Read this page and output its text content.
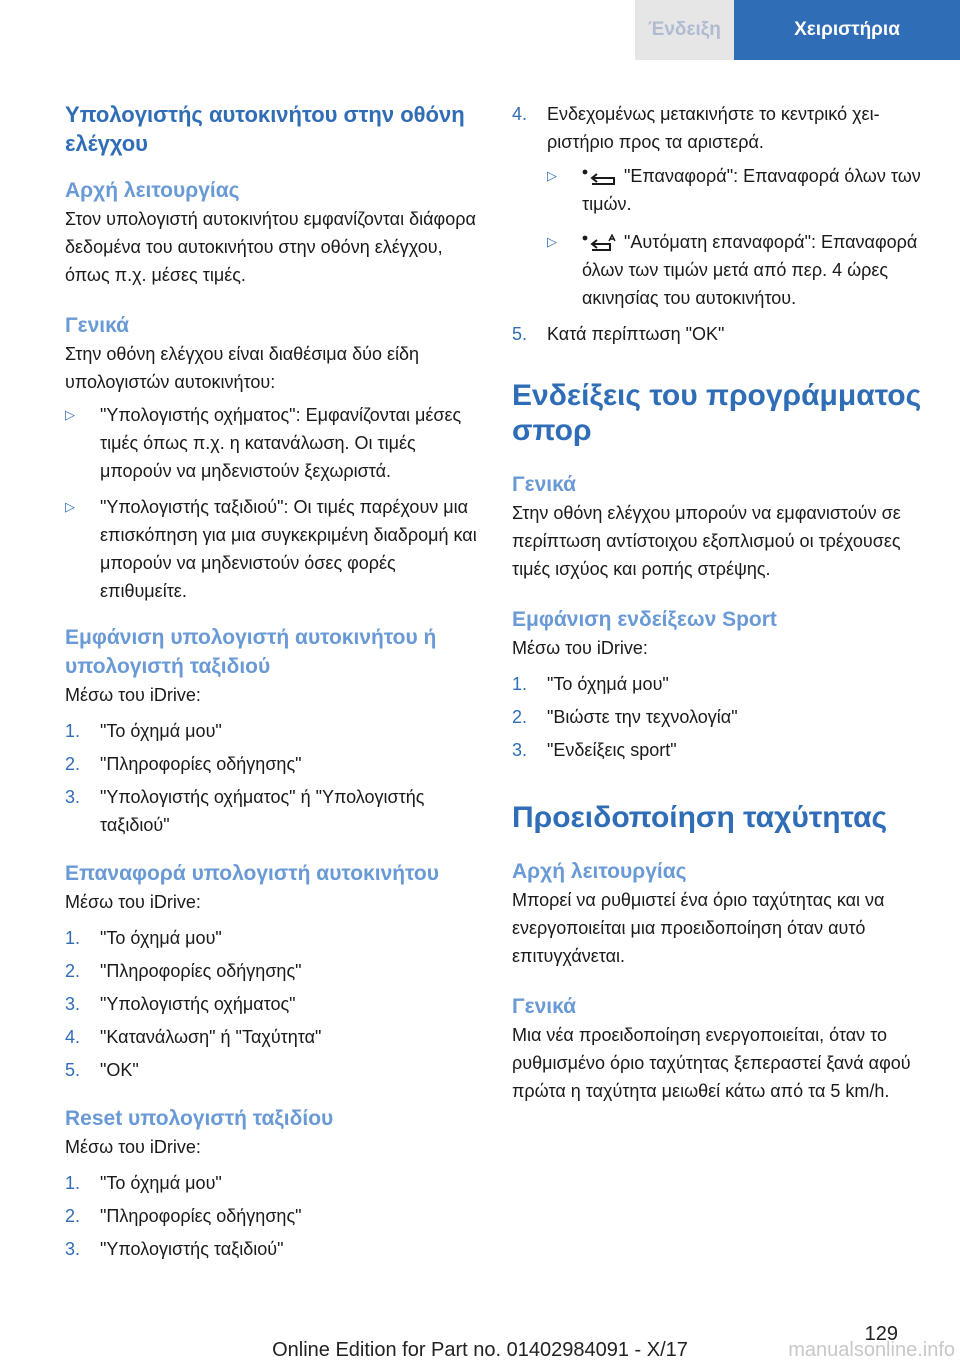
Ένδειξη	Χειριστήρια
Υπολογιστής αυτοκινήτου στην οθόνη ελέγχου
Αρχή λειτουργίας

Στον υπολογιστή αυτοκινήτου εμφανίζονται διάφορα δεδομένα του αυτοκινήτου στην οθόνη ελέγχου, όπως π.χ. μέσες τιμές.

Γενικά

Στην οθόνη ελέγχου είναι διαθέσιμα δύο είδη υπολογιστών αυτοκινήτου:

▷ "Υπολογιστής οχήματος": Εμφανίζονται μέσες τιμές όπως π.χ. η κατανάλωση. Οι τιμές μπορούν να μηδενιστούν ξεχωριστά.
▷ "Υπολογιστής ταξιδιού": Οι τιμές παρέχουν μια επισκόπηση για μια συγκεκριμένη διαδρομή και μπορούν να μηδενιστούν όσες φορές επιθυμείτε.
Εμφάνιση υπολογιστή αυτοκινήτου ή υπολογιστή ταξιδιού

Μέσω του iDrive:

1. "Το όχημά μου"
2. "Πληροφορίες οδήγησης"
3. "Υπολογιστής οχήματος" ή "Υπολογιστής ταξιδιού"
Επαναφορά υπολογιστή αυτοκινήτου

Μέσω του iDrive:

1. "Το όχημά μου"
2. "Πληροφορίες οδήγησης"
3. "Υπολογιστής οχήματος"
4. "Κατανάλωση" ή "Ταχύτητα"
5. "OK"
Reset υπολογιστή ταξιδίου

Μέσω του iDrive:

1. "Το όχημά μου"
2. "Πληροφορίες οδήγησης"
3. "Υπολογιστής ταξιδιού"
4. Ενδεχομένως μετακινήστε το κεντρικό χειριστήριο προς τα αριστερά.
▷	"Επαναφορά": Επαναφορά όλων των τιμών.
▷	"Αυτόματη επαναφορά": Επαναφορά όλων των τιμών μετά από περ. 4 ώρες ακινησίας του αυτοκινήτου.
5. Κατά περίπτωση "OK"
Ενδείξεις του προγράμματος σπορ
Γενικά

Στην οθόνη ελέγχου μπορούν να εμφανιστούν σε περίπτωση αντίστοιχου εξοπλισμού οι τρέχουσες τιμές ισχύος και ροπής στρέψης.

Εμφάνιση ενδείξεων Sport

Μέσω του iDrive:

1. "Το όχημά μου"
2. "Βιώστε την τεχνολογία"
3. "Ενδείξεις sport"
Προειδοποίηση ταχύτητας
Αρχή λειτουργίας

Μπορεί να ρυθμιστεί ένα όριο ταχύτητας και να ενεργοποιείται μια προειδοποίηση όταν αυτό επιτυγχάνεται.

Γενικά

Μια νέα προειδοποίηση ενεργοποιείται, όταν το ρυθμισμένο όριο ταχύτητας ξεπεραστεί ξανά αφού πρώτα η ταχύτητα μειωθεί κάτω από τα 5 km/h.

129
Online Edition for Part no. 01402984091 - X/17	manualsonline.info
